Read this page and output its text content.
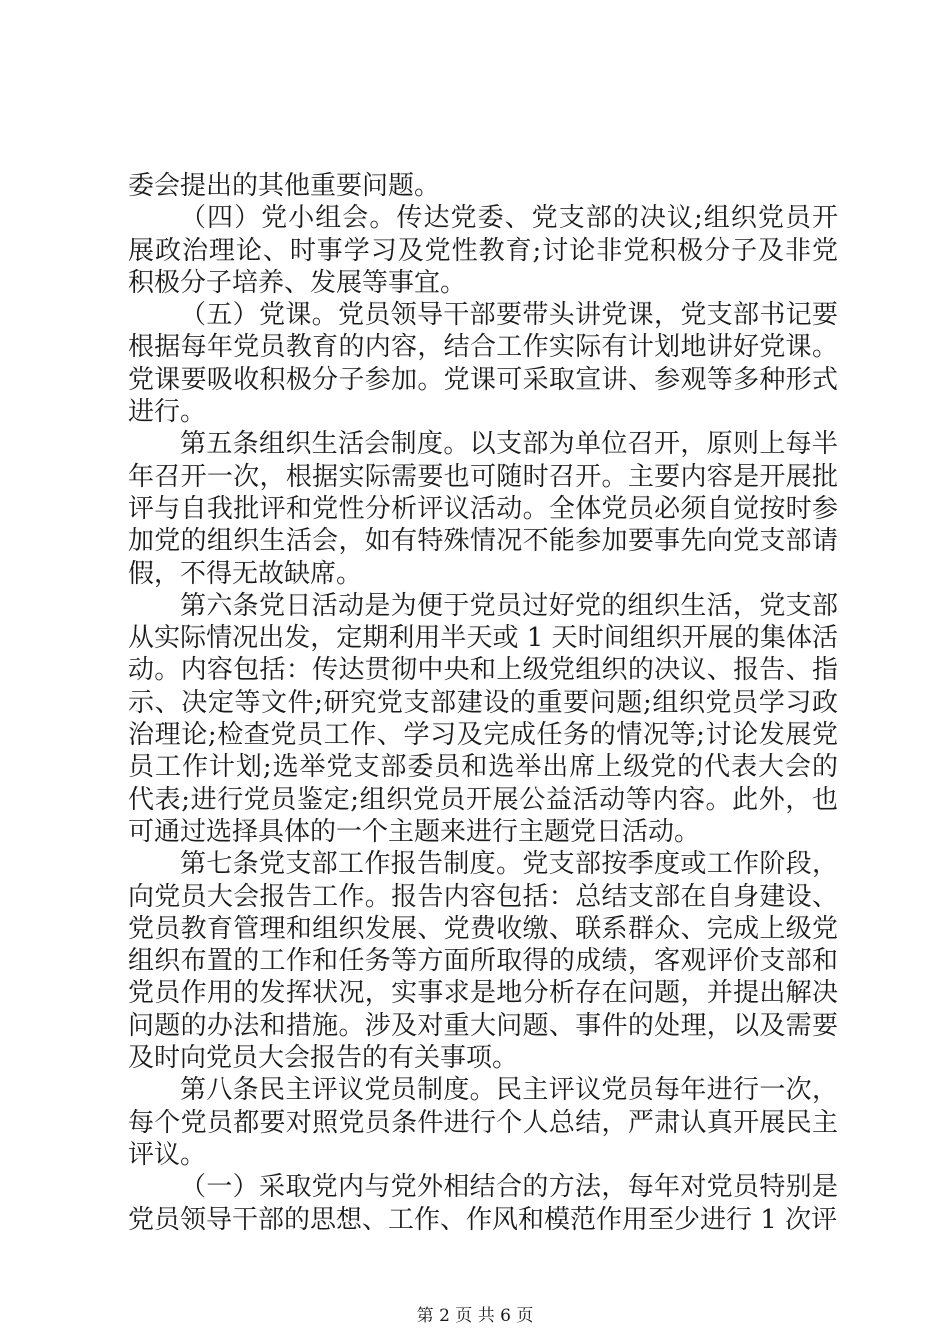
委会提出的其他重要问题。

（四）党小组会。传达党委、党支部的决议;组织党员开展政治理论、时事学习及党性教育;讨论非党积极分子及非党积极分子培养、发展等事宜。

（五）党课。党员领导干部要带头讲党课，党支部书记要根据每年党员教育的内容，结合工作实际有计划地讲好党课。党课要吸收积极分子参加。党课可采取宣讲、参观等多种形式进行。

第五条组织生活会制度。以支部为单位召开，原则上每半年召开一次，根据实际需要也可随时召开。主要内容是开展批评与自我批评和党性分析评议活动。全体党员必须自觉按时参加党的组织生活会，如有特殊情况不能参加要事先向党支部请假，不得无故缺席。

第六条党日活动是为便于党员过好党的组织生活，党支部从实际情况出发，定期利用半天或 1 天时间组织开展的集体活动。内容包括：传达贯彻中央和上级党组织的决议、报告、指示、决定等文件;研究党支部建设的重要问题;组织党员学习政治理论;检查党员工作、学习及完成任务的情况等;讨论发展党员工作计划;选举党支部委员和选举出席上级党的代表大会的代表;进行党员鉴定;组织党员开展公益活动等内容。此外，也可通过选择具体的一个主题来进行主题党日活动。

第七条党支部工作报告制度。党支部按季度或工作阶段，向党员大会报告工作。报告内容包括：总结支部在自身建设、党员教育管理和组织发展、党费收缴、联系群众、完成上级党组织布置的工作和任务等方面所取得的成绩，客观评价支部和党员作用的发挥状况，实事求是地分析存在问题，并提出解决问题的办法和措施。涉及对重大问题、事件的处理，以及需要及时向党员大会报告的有关事项。

第八条民主评议党员制度。民主评议党员每年进行一次，每个党员都要对照党员条件进行个人总结，严肃认真开展民主评议。

（一）采取党内与党外相结合的方法，每年对党员特别是党员领导干部的思想、工作、作风和模范作用至少进行 1 次评

第 2 页 共 6 页
